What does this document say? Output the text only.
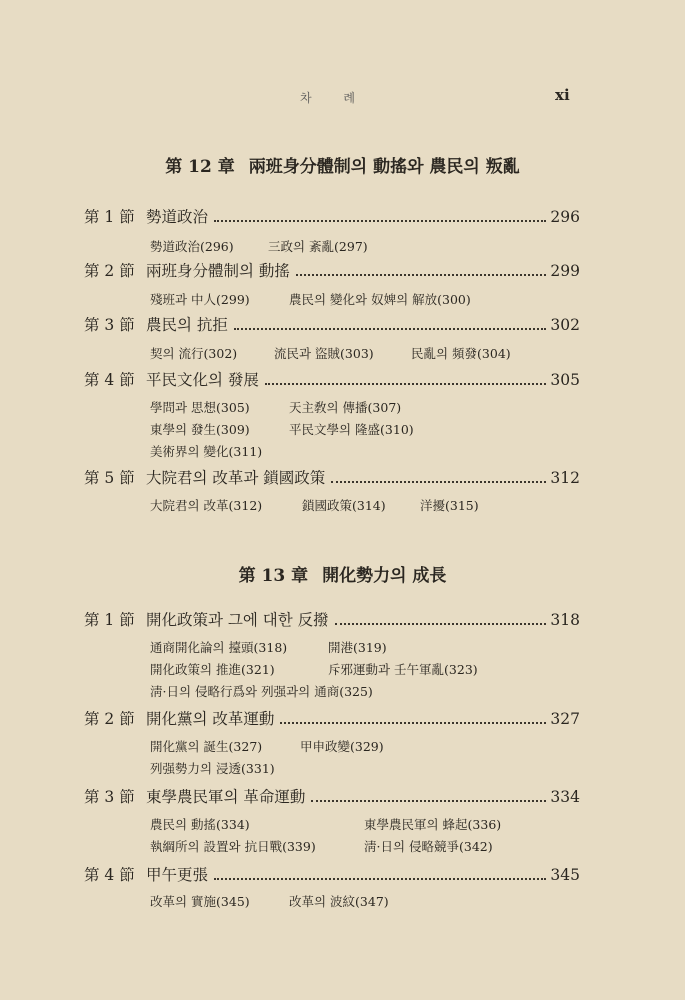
차 례	xi
第 12 章 兩班身分體制의 動搖와 農民의 叛亂
第 1 節 勢道政治	296
勢道政治(296)	三政의 紊亂(297)
第 2 節 兩班身分體制의 動搖	299
殘班과 中人(299)	農民의 變化와 奴婢의 解放(300)
第 3 節 農民의 抗拒	302
契의 流行(302)	流民과 盜賊(303)	民亂의 頻發(304)
第 4 節 平民文化의 發展	305
學問과 思想(305)	天主敎의 傳播(307)
東學의 發生(309)	平民文學의 隆盛(310)
美術界의 變化(311)
第 5 節 大院君의 改革과 鎖國政策	312
大院君의 改革(312)	鎖國政策(314)	洋擾(315)
第 13 章 開化勢力의 成長
第 1 節 開化政策과 그에 대한 反撥	318
通商開化論의 擡頭(318)	開港(319)
開化政策의 推進(321)	斥邪運動과 壬午軍亂(323)
淸·日의 侵略行爲와 列强과의 通商(325)
第 2 節 開化黨의 改革運動	327
開化黨의 誕生(327)	甲申政變(329)
列强勢力의 浸透(331)
第 3 節 東學農民軍의 革命運動	334
農民의 動搖(334)	東學農民軍의 蜂起(336)
執綱所의 設置와 抗日戰(339)	淸·日의 侵略競爭(342)
第 4 節 甲午更張	345
改革의 實施(345)	改革의 波紋(347)
